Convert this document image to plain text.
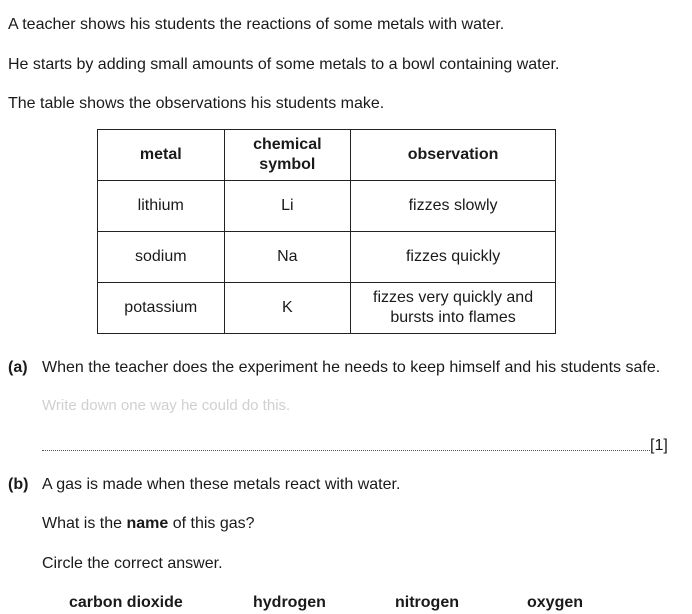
A teacher shows his students the reactions of some metals with water.

He starts by adding small amounts of some metals to a bowl containing water.

The table shows the observations his students make.

metal	chemical symbol	observation
lithium	Li	fizzes slowly
sodium	Na	fizzes quickly
potassium	K	fizzes very quickly and bursts into flames
(a) When the teacher does the experiment he needs to keep himself and his students safe.
Write down one way he could do this.
[1]
(b) A gas is made when these metals react with water.
What is the name of this gas?
Circle the correct answer.
carbon dioxide	hydrogen	nitrogen	oxygen
